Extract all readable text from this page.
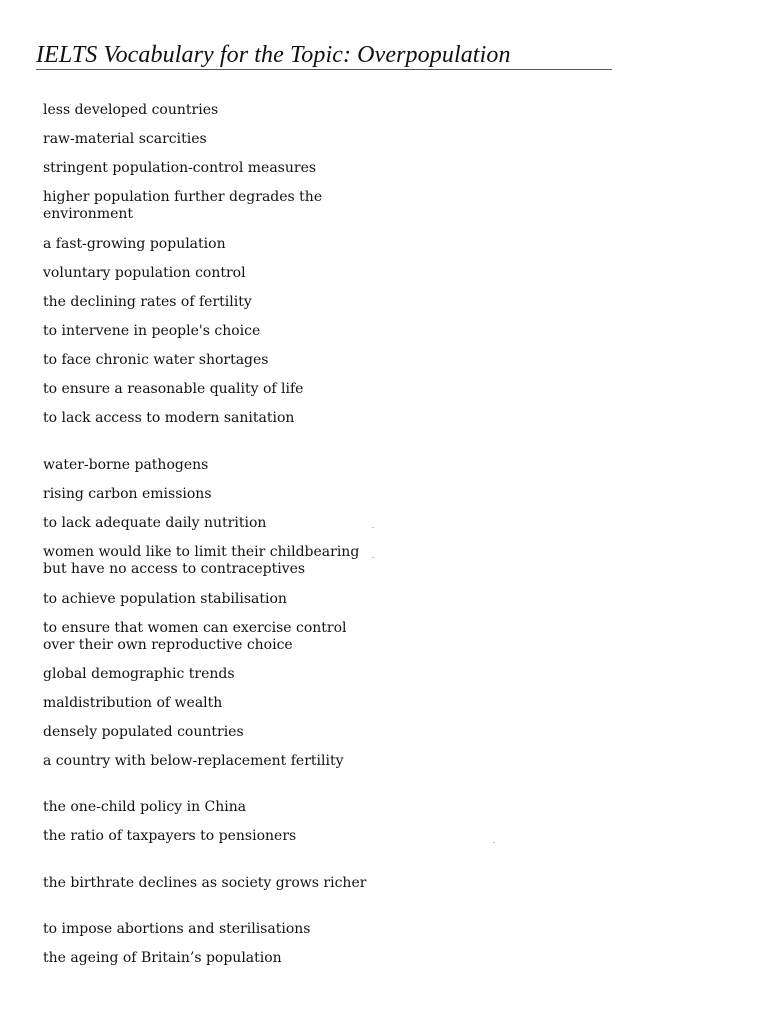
IELTS Vocabulary for the Topic: Overpopulation
less developed countries
raw-material scarcities
stringent population-control measures
higher population further degrades the
environment
a fast-growing population
voluntary population control
the declining rates of fertility
to intervene in people's choice
to face chronic water shortages
to ensure a reasonable quality of life
to lack access to modern sanitation
water-borne pathogens
rising carbon emissions
to lack adequate daily nutrition
women would like to limit their childbearing
but have no access to contraceptives
to achieve population stabilisation
to ensure that women can exercise control
over their own reproductive choice
global demographic trends
maldistribution of wealth
densely populated countries
a country with below-replacement fertility
the one-child policy in China
the ratio of taxpayers to pensioners
the birthrate declines as society grows richer
to impose abortions and sterilisations
the ageing of Britain’s population
